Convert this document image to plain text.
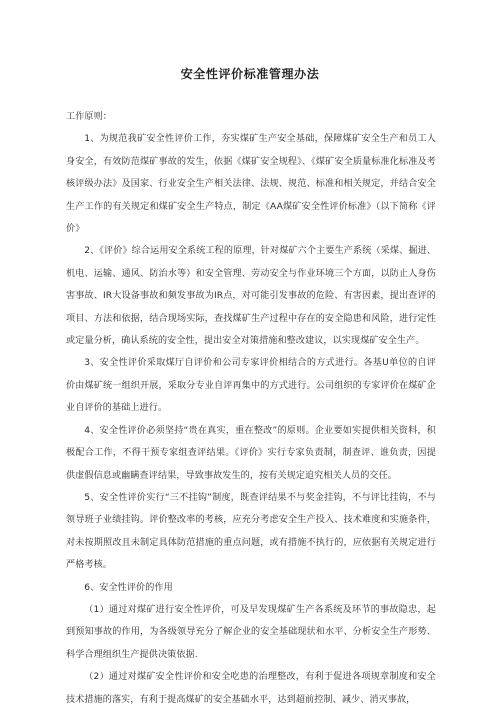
安全性评价标准管理办法

工作原则：

1、为规范我矿安全性评价工作，夯实煤矿生产安全基础，保障煤矿安全生产和员工人身安全，有效防范煤矿事故的发生，依据《煤矿安全规程》、《煤矿安全质量标准化标准及考核评级办法》及国家、行业安全生产相关法律、法规、规范、标准和相关规定，并结合安全生产工作的有关规定和煤矿安全生产特点，制定《AA煤矿安全性评价标准》（以下简称《评价》

2、《评价》综合运用安全系统工程的原理，针对煤矿六个主要生产系统（采煤、掘进、机电、运输、通风、防治水等）和安全管理、劳动安全与作业环境三个方面，以防止人身伤害事故、IR大设备事故和频发事故为IR点，对可能引发事故的危险、有害因素，提出查评的项目、方法和依据，结合现场实际，查找煤矿生产过程中存在的安全隐患和风险，进行定性或定量分析，确认系统的安全性，提出安全对策措施和整改建议，以实现煤矿安全生产。

3、安全性评价采取煤厅自评价和公司专家评价相结合的方式进行。各基U单位的自评价由煤矿统一组织开展，采取分专业自评再集中的方式进行。公司组织的专家评价在煤矿企业自评价的基础上进行。

4、安全性评价必须坚持“贵在真实，重在整改”的原则。企业要如实提供相关资料，积极配合工作，不得干预专家组查评结果。《评价》实行专家负责制，制查评、谁负责，因提供虚假信息或幽瞒查评结果，导致事故发生的，按有关规定追究相关人员的交任。

5、安全性评价实行“三不挂钩”制度，既查评结果不与奖金挂钩，不与评比挂钩，不与领导班子业绩挂钩。评价整改率的考核，应充分考虑安全生产投入、技术难度和实施条件，对未按期照改且未制定具体防范措施的重点问题，或有措施不执行的，应依据有关规定进行严格考核。

6、安全性评价的作用

（1）通过对煤矿进行安全性评价，可及早发现煤矿生产各系统及环节的事故隐忠，起到预知事故的作用，为各级领导充分了解企业的安全基础现状和水平、分析安全生产形势、科学合理组织生产提供决策依据.

（2）通过对煤矿安全性评价和安全吃患的治理整改，有利于促进各项规章制度和安全技术措施的落实，有利于提高煤矿的安全基础水平，达到超前控制、减少、消灭事故，
